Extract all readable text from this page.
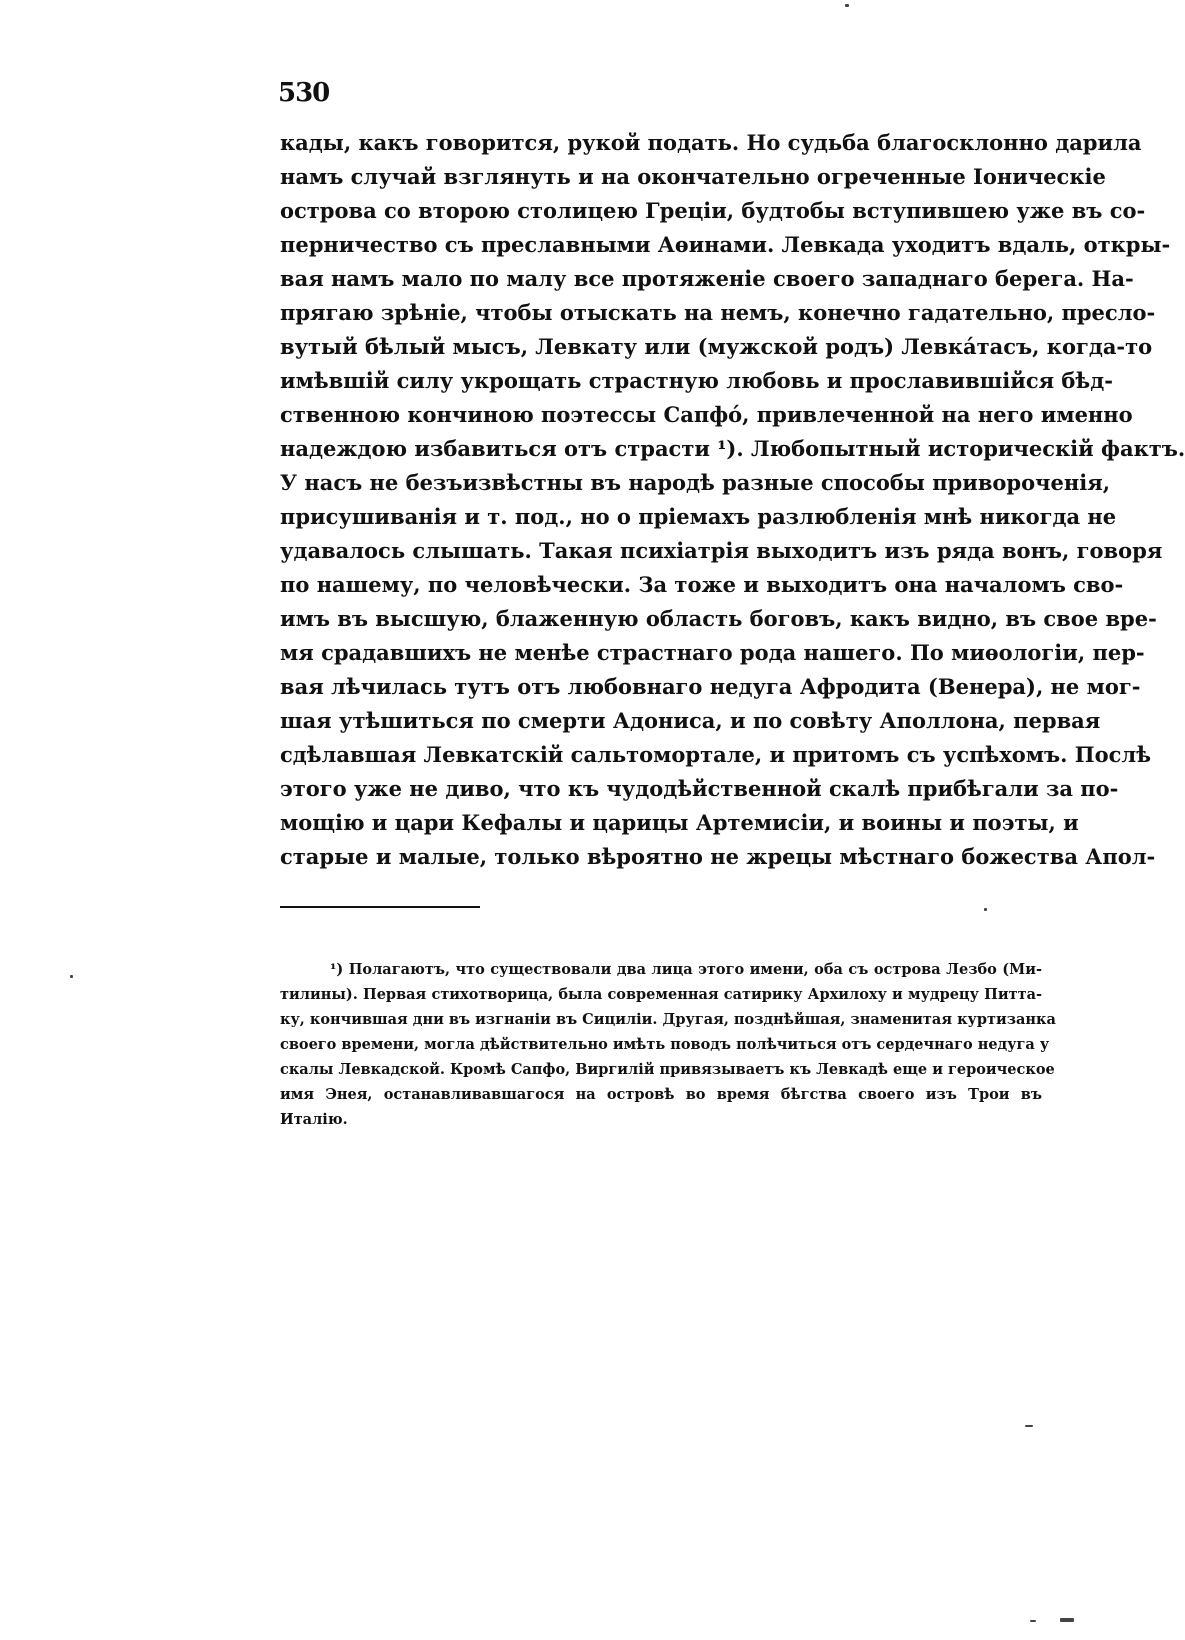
530
кады, какъ говорится, рукой подать. Но судьба благосклонно дарила
намъ случай взглянуть и на окончательно огреченные Іоническіе
острова со второю столицею Греціи, будтобы вступившею уже въ со-
перничество съ преславными Аѳинами. Левкада уходитъ вдаль, откры-
вая намъ мало по малу все протяженіе своего западнаго берега. На-
прягаю зрѣніе, чтобы отыскать на немъ, конечно гадательно, пресло-
вутый бѣлый мысъ, Левкату или (мужской родъ) Левкáтасъ, когда-то
имѣвшій силу укрощать страстную любовь и прославившійся бѣд-
ственною кончиною поэтессы Сапфó, привлеченной на него именно
надеждою избавиться отъ страсти ¹). Любопытный историческій фактъ.
У насъ не безъизвѣстны въ народѣ разные способы привороченія,
присушиванія и т. под., но о пріемахъ разлюбленія мнѣ никогда не
удавалось слышать. Такая психіатрія выходитъ изъ ряда вонъ, говоря
по нашему, по человѣчески. За тоже и выходитъ она началомъ сво-
имъ въ высшую, блаженную область боговъ, какъ видно, въ свое вре-
мя срадавшихъ не менѣе страстнаго рода нашего. По миѳологіи, пер-
вая лѣчилась тутъ отъ любовнаго недуга Афродита (Венера), не мог-
шая утѣшиться по смерти Адониса, и по совѣту Аполлона, первая
сдѣлавшая Левкатскій сальтомортале, и притомъ съ успѣхомъ. Послѣ
этого уже не диво, что къ чудодѣйственной скалѣ прибѣгали за по-
мощію и цари Кефалы и царицы Артемисіи, и воины и поэты, и
старые и малые, только вѣроятно не жрецы мѣстнаго божества Апол-
¹) Полагаютъ, что существовали два лица этого имени, оба съ острова Лезбо (Ми-
тилины). Первая стихотворица, была современная сатирику Архилоху и мудрецу Питта-
ку, кончившая дни въ изгнаніи въ Сициліи. Другая, позднѣйшая, знаменитая куртизанка
своего времени, могла дѣйствительно имѣть поводъ полѣчиться отъ сердечнаго недуга у
скалы Левкадской. Кромѣ Сапфо, Виргилій привязываетъ къ Левкадѣ еще и героическое
имя Энея, останавливавшагося на островѣ во время бѣгства своего изъ Трои въ
Италію.
